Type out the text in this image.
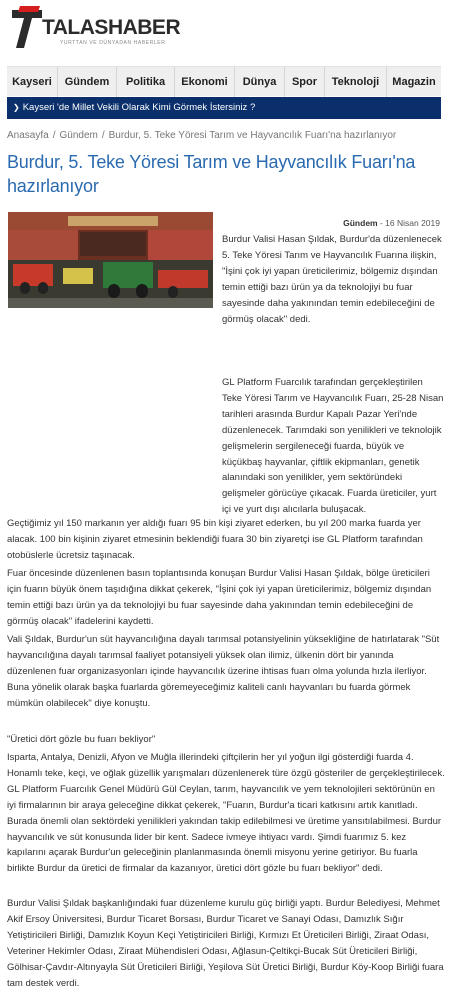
TALASHABER
YURTTAN VE DÜNYADAN HABERLER
Kayseri	Gündem	Politika	Ekonomi	Dünya	Spor	Teknoloji	Magazin
❯ Kayseri 'de Millet Vekili Olarak Kimi Görmek İstersiniz ?
Anasayfa / Gündem / Burdur, 5. Teke Yöresi Tarım ve Hayvancılık Fuarı'na hazırlanıyor
Burdur, 5. Teke Yöresi Tarım ve Hayvancılık Fuarı'na hazırlanıyor
Gündem - 16 Nisan 2019

Burdur Valisi Hasan Şıldak, Burdur'da düzenlenecek 5. Teke Yöresi Tarım ve Hayvancılık Fuarına ilişkin, "İşini çok iyi yapan üreticilerimiz, bölgemiz dışından temin ettiği bazı ürün ya da teknolojiyi bu fuar sayesinde daha yakınından temin edebileceğini de görmüş olacak" dedi.

GL Platform Fuarcılık tarafından gerçekleştirilen Teke Yöresi Tarım ve Hayvancılık Fuarı, 25-28 Nisan tarihleri arasında Burdur Kapalı Pazar Yeri'nde düzenlenecek. Tarımdaki son yenilikleri ve teknolojik gelişmelerin sergileneceği fuarda, büyük ve küçükbaş hayvanlar, çiftlik ekipmanları, genetik alanındaki son yenilikler, yem sektöründeki gelişmeler görücüye çıkacak. Fuarda üreticiler, yurt içi ve yurt dışı alıcılarla buluşacak.

Geçtiğimiz yıl 150 markanın yer aldığı fuarı 95 bin kişi ziyaret ederken, bu yıl 200 marka fuarda yer alacak. 100 bin kişinin ziyaret etmesinin beklendiği fuara 30 bin ziyaretçi ise GL Platform tarafından otobüslerle ücretsiz taşınacak.

Fuar öncesinde düzenlenen basın toplantısında konuşan Burdur Valisi Hasan Şıldak, bölge üreticileri için fuarın büyük önem taşıdığına dikkat çekerek, "İşini çok iyi yapan üreticilerimiz, bölgemiz dışından temin ettiği bazı ürün ya da teknolojiyi bu fuar sayesinde daha yakınından temin edebileceğini de görmüş olacak" ifadelerini kaydetti.

Vali Şıldak, Burdur'un süt hayvancılığına dayalı tarımsal potansiyelinin yüksekliğine de hatırlatarak "Süt hayvancılığına dayalı tarımsal faaliyet potansiyeli yüksek olan ilimiz, ülkenin dört bir yanında düzenlenen fuar organizasyonları içinde hayvancılık üzerine ihtisas fuarı olma yolunda hızla ilerliyor. Buna yönelik olarak başka fuarlarda göremeyeceğimiz kaliteli canlı hayvanları bu fuarda görmek mümkün olabilecek" diye konuştu.

"Üretici dört gözle bu fuarı bekliyor"

Isparta, Antalya, Denizli, Afyon ve Muğla illerindeki çiftçilerin her yıl yoğun ilgi gösterdiği fuarda 4. Honamlı teke, keçi, ve oğlak güzellik yarışmaları düzenlenerek türe özgü gösteriler de gerçekleştirilecek. GL Platform Fuarcılık Genel Müdürü Gül Ceylan, tarım, hayvancılık ve yem teknolojileri sektörünün en iyi firmalarının bir araya geleceğine dikkat çekerek, "Fuarın, Burdur'a ticari katkısını artık kanıtladı. Burada önemli olan sektördeki yenilikleri yakından takip edilebilmesi ve üretime yansıtılabilmesi. Burdur hayvancılık ve süt konusunda lider bir kent. Sadece ivmeye ihtiyacı vardı. Şimdi fuarımız 5. kez kapılarını açarak Burdur'un geleceğinin planlanmasında önemli misyonu yerine getiriyor. Bu fuarla birlikte Burdur da üretici de firmalar da kazanıyor, üretici dört gözle bu fuarı bekliyor" dedi.

Burdur Valisi Şıldak başkanlığındaki fuar düzenleme kurulu güç birliği yaptı. Burdur Belediyesi, Mehmet Akif Ersoy Üniversitesi, Burdur Ticaret Borsası, Burdur Ticaret ve Sanayi Odası, Damızlık Sığır Yetiştiricileri Birliği, Damızlık Koyun Keçi Yetiştiricileri Birliği, Kırmızı Et Üreticileri Birliği, Ziraat Odası, Veteriner Hekimler Odası, Ziraat Mühendisleri Odası, Ağlasun-Çeltikçi-Bucak Süt Üreticileri Birliği, Gölhisar-Çavdır-Altınyayla Süt Üreticileri Birliği, Yeşilova Süt Üretici Birliği, Burdur Köy-Koop Birliği fuara tam destek verdi.
